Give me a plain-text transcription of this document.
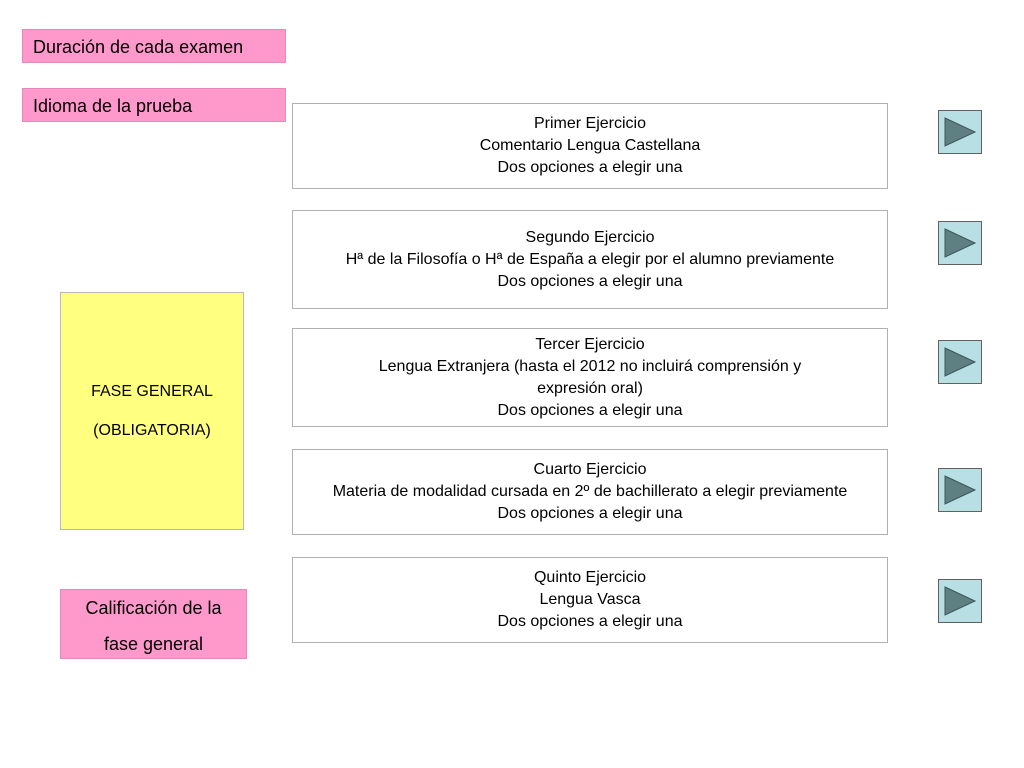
Duración de cada examen
Idioma de la prueba
FASE GENERAL
(OBLIGATORIA)
Calificación de la
fase general
Primer Ejercicio
Comentario Lengua Castellana
Dos opciones a elegir una
Segundo Ejercicio
Hª de la Filosofía o Hª de España a elegir por el alumno previamente
Dos opciones a elegir una
Tercer Ejercicio
Lengua Extranjera (hasta el 2012 no incluirá comprensión y expresión oral)
Dos opciones a elegir una
Cuarto Ejercicio
Materia de modalidad cursada en 2º de bachillerato a elegir previamente
Dos opciones a elegir una
Quinto Ejercicio
Lengua Vasca
Dos opciones a elegir una
